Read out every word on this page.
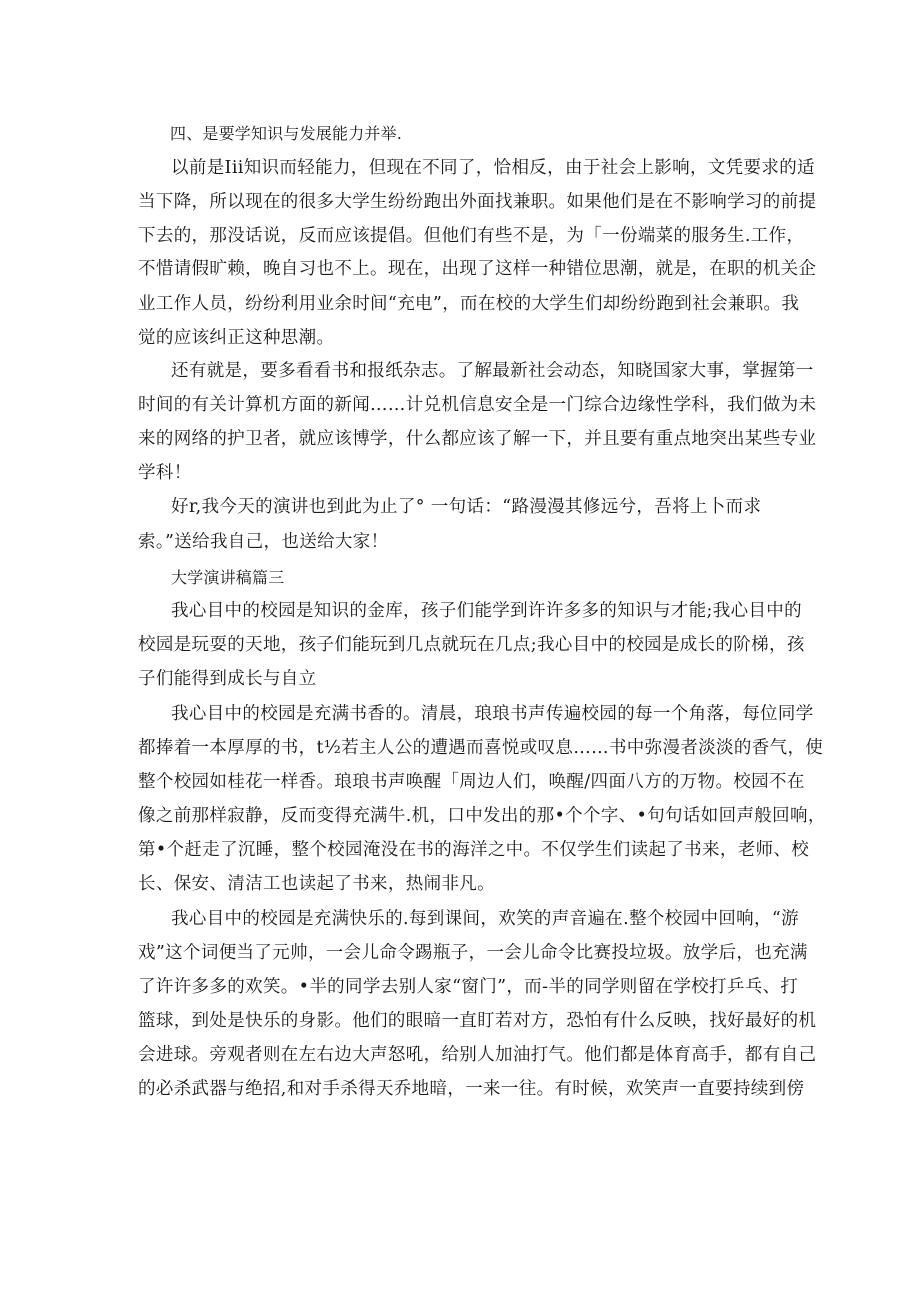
四、是要学知识与发展能力并举.
以前是Iii知识而轻能力，但现在不同了，恰相反，由于社会上影响，文凭要求的适
当下降，所以现在的很多大学生纷纷跑出外面找兼职。如果他们是在不影响学习的前提
下去的，那没话说，反而应该提倡。但他们有些不是，为「一份端菜的服务生.工作，
不惜请假旷赖，晚自习也不上。现在，出现了这样一种错位思潮，就是，在职的机关企
业工作人员，纷纷利用业余时间“充电”，而在校的大学生们却纷纷跑到社会兼职。我
觉的应该纠正这种思潮。
还有就是，要多看看书和报纸杂志。了解最新社会动态，知晓国家大事，掌握第一
时间的有关计算机方面的新闻……计兑机信息安全是一门综合边缘性学科，我们做为未
来的网络的护卫者，就应该博学，什么都应该了解一下，并且要有重点地突出某些专业
学科！
好r,我今天的演讲也到此为止了° 一句话：“路漫漫其修远兮，吾将上卜而求
索。”送给我自己，也送给大家！
大学演讲稿篇三
我心目中的校园是知识的金库，孩子们能学到许许多多的知识与才能;我心目中的
校园是玩耍的天地，孩子们能玩到几点就玩在几点;我心目中的校园是成长的阶梯，孩
子们能得到成长与自立
我心目中的校园是充满书香的。清晨，琅琅书声传遍校园的每一个角落，每位同学
都捧着一本厚厚的书，t½若主人公的遭遇而喜悦或叹息……书中弥漫者淡淡的香气，使
整个校园如桂花一样香。琅琅书声唤醒「周边人们，唤醒/四面八方的万物。校园不在
像之前那样寂静，反而变得充满牛.机，口中发出的那•个个字、•句句话如回声般回响，
第•个赶走了沉睡，整个校园淹没在书的海洋之中。不仅学生们读起了书来，老师、校
长、保安、清洁工也读起了书来，热闹非凡。
我心目中的校园是充满快乐的.每到课间，欢笑的声音遍在.整个校园中回响，“游
戏”这个词便当了元帅，一会儿命令踢瓶子，一会儿命令比赛投垃圾。放学后，也充满
了许许多多的欢笑。•半的同学去别人家“窗门”，而-半的同学则留在学校打乒乓、打
篮球，到处是快乐的身影。他们的眼暗一直盯若对方，恐怕有什么反映，找好最好的机
会进球。旁观者则在左右边大声怒吼，给别人加油打气。他们都是体育高手，都有自己
的必杀武器与绝招,和对手杀得天乔地暗，一来一往。有时候，欢笑声一直要持续到傍
